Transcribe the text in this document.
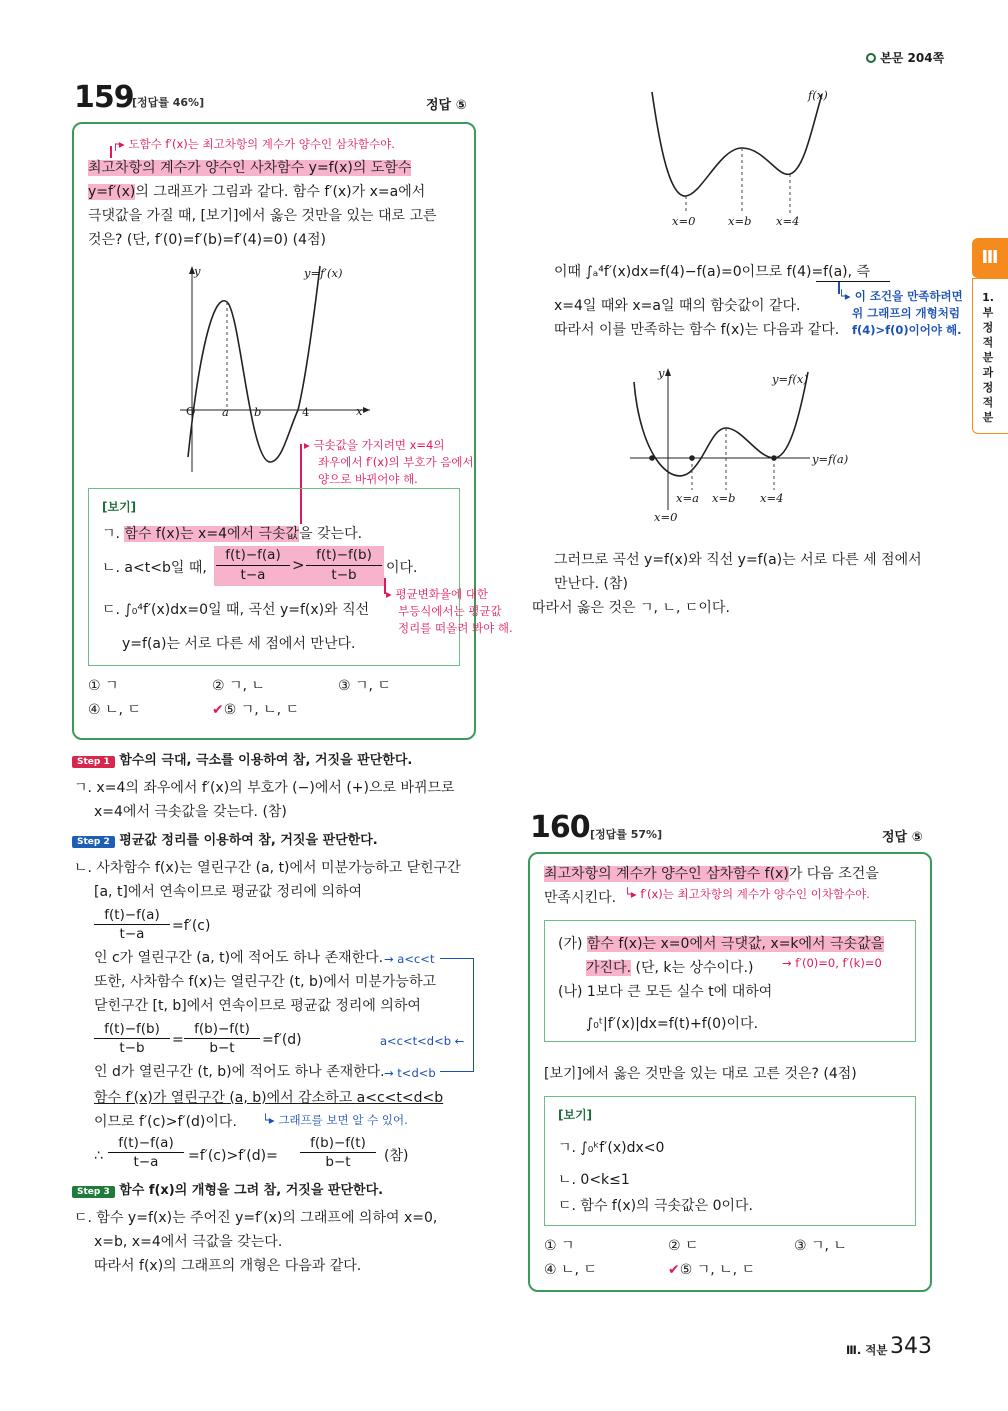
본문 204쪽
Ⅲ
1. 부정적분과 정적분
159
[정답률 46%]	정답 ⑤
┌▸ 도함수 f′(x)는 최고차항의 계수가 양수인 삼차함수야.
최고차항의 계수가 양수인 사차함수 y=f(x)의 도함수
y=f′(x)의 그래프가 그림과 같다. 함수 f′(x)가 x=a에서
극댓값을 가질 때, [보기]에서 옳은 것만을 있는 대로 고른
것은? (단, f′(0)=f′(b)=f′(4)=0) (4점)
y	y=f′(x)
O a b	4	x
▸ 극솟값을 가지려면 x=4의
좌우에서 f′(x)의 부호가 음에서
양으로 바뀌어야 해.
[보기]
ㄱ. 함수 f(x)는 x=4에서 극솟값을 갖는다.
ㄴ. a<t<b일 때,
f(t)−f(a)
t−a
>
f(t)−f(b)
t−b	이다.
▸ 평균변화율에 대한
부등식에서는 평균값
정리를 떠올려 봐야 해.
ㄷ. ∫₀⁴f′(x)dx=0일 때, 곡선 y=f(x)와 직선
y=f(a)는 서로 다른 세 점에서 만난다.
① ㄱ	② ㄱ, ㄴ	③ ㄱ, ㄷ
④ ㄴ, ㄷ	✔⑤ ㄱ, ㄴ, ㄷ
Step 1 함수의 극대, 극소를 이용하여 참, 거짓을 판단한다.
ㄱ. x=4의 좌우에서 f′(x)의 부호가 (−)에서 (+)으로 바뀌므로
x=4에서 극솟값을 갖는다. (참)
Step 2 평균값 정리를 이용하여 참, 거짓을 판단한다.
ㄴ. 사차함수 f(x)는 열린구간 (a, t)에서 미분가능하고 닫힌구간
[a, t]에서 연속이므로 평균값 정리에 의하여
f(t)−f(a)
t−a	=f′(c)
인 c가 열린구간 (a, t)에 적어도 하나 존재한다. → a<c<t
또한, 사차함수 f(x)는 열린구간 (t, b)에서 미분가능하고
닫힌구간 [t, b]에서 연속이므로 평균값 정리에 의하여
f(t)−f(b)
t−b	=
f(b)−f(t)
b−t	=f′(d)	a<c<t<d<b ←
인 d가 열린구간 (t, b)에 적어도 하나 존재한다. → t<d<b
함수 f′(x)가 열린구간 (a, b)에서 감소하고 a<c<t<d<b
이므로 f′(c)>f′(d)이다. └▸ 그래프를 보면 알 수 있어.
∴
f(t)−f(a)
t−a	=f′(c)>f′(d)=
f(b)−f(t)
b−t	(참)
Step 3 함수 f(x)의 개형을 그려 참, 거짓을 판단한다.
ㄷ. 함수 y=f(x)는 주어진 y=f′(x)의 그래프에 의하여 x=0,
x=b, x=4에서 극값을 갖는다.
따라서 f(x)의 그래프의 개형은 다음과 같다.
f(x)
x=0	x=b x=4
이때 ∫ₐ⁴f′(x)dx=f(4)−f(a)=0이므로 f(4)=f(a), 즉
└▸ 이 조건을 만족하려면
위 그래프의 개형처럼
f(4)>f(0)이어야 해.
x=4일 때와 x=a일 때의 함숫값이 같다.
따라서 이를 만족하는 함수 f(x)는 다음과 같다.
y	y=f(x)
y=f(a)
x=a x=b x=4
x=0
그러므로 곡선 y=f(x)와 직선 y=f(a)는 서로 다른 세 점에서
만난다. (참)
따라서 옳은 것은 ㄱ, ㄴ, ㄷ이다.
160 [정답률 57%]	정답 ⑤
최고차항의 계수가 양수인 삼차함수 f(x)가 다음 조건을
만족시킨다. └▸ f′(x)는 최고차항의 계수가 양수인 이차함수야.
(가) 함수 f(x)는 x=0에서 극댓값, x=k에서 극솟값을
가진다. (단, k는 상수이다.) → f′(0)=0, f′(k)=0
(나) 1보다 큰 모든 실수 t에 대하여
∫₀ᵗ|f′(x)|dx=f(t)+f(0)이다.
[보기]에서 옳은 것만을 있는 대로 고른 것은? (4점)
[보기]
ㄱ. ∫₀ᵏf′(x)dx<0
ㄴ. 0<k≤1
ㄷ. 함수 f(x)의 극솟값은 0이다.
① ㄱ	② ㄷ	③ ㄱ, ㄴ
④ ㄴ, ㄷ	✔⑤ ㄱ, ㄴ, ㄷ
Ⅲ. 적분 343
